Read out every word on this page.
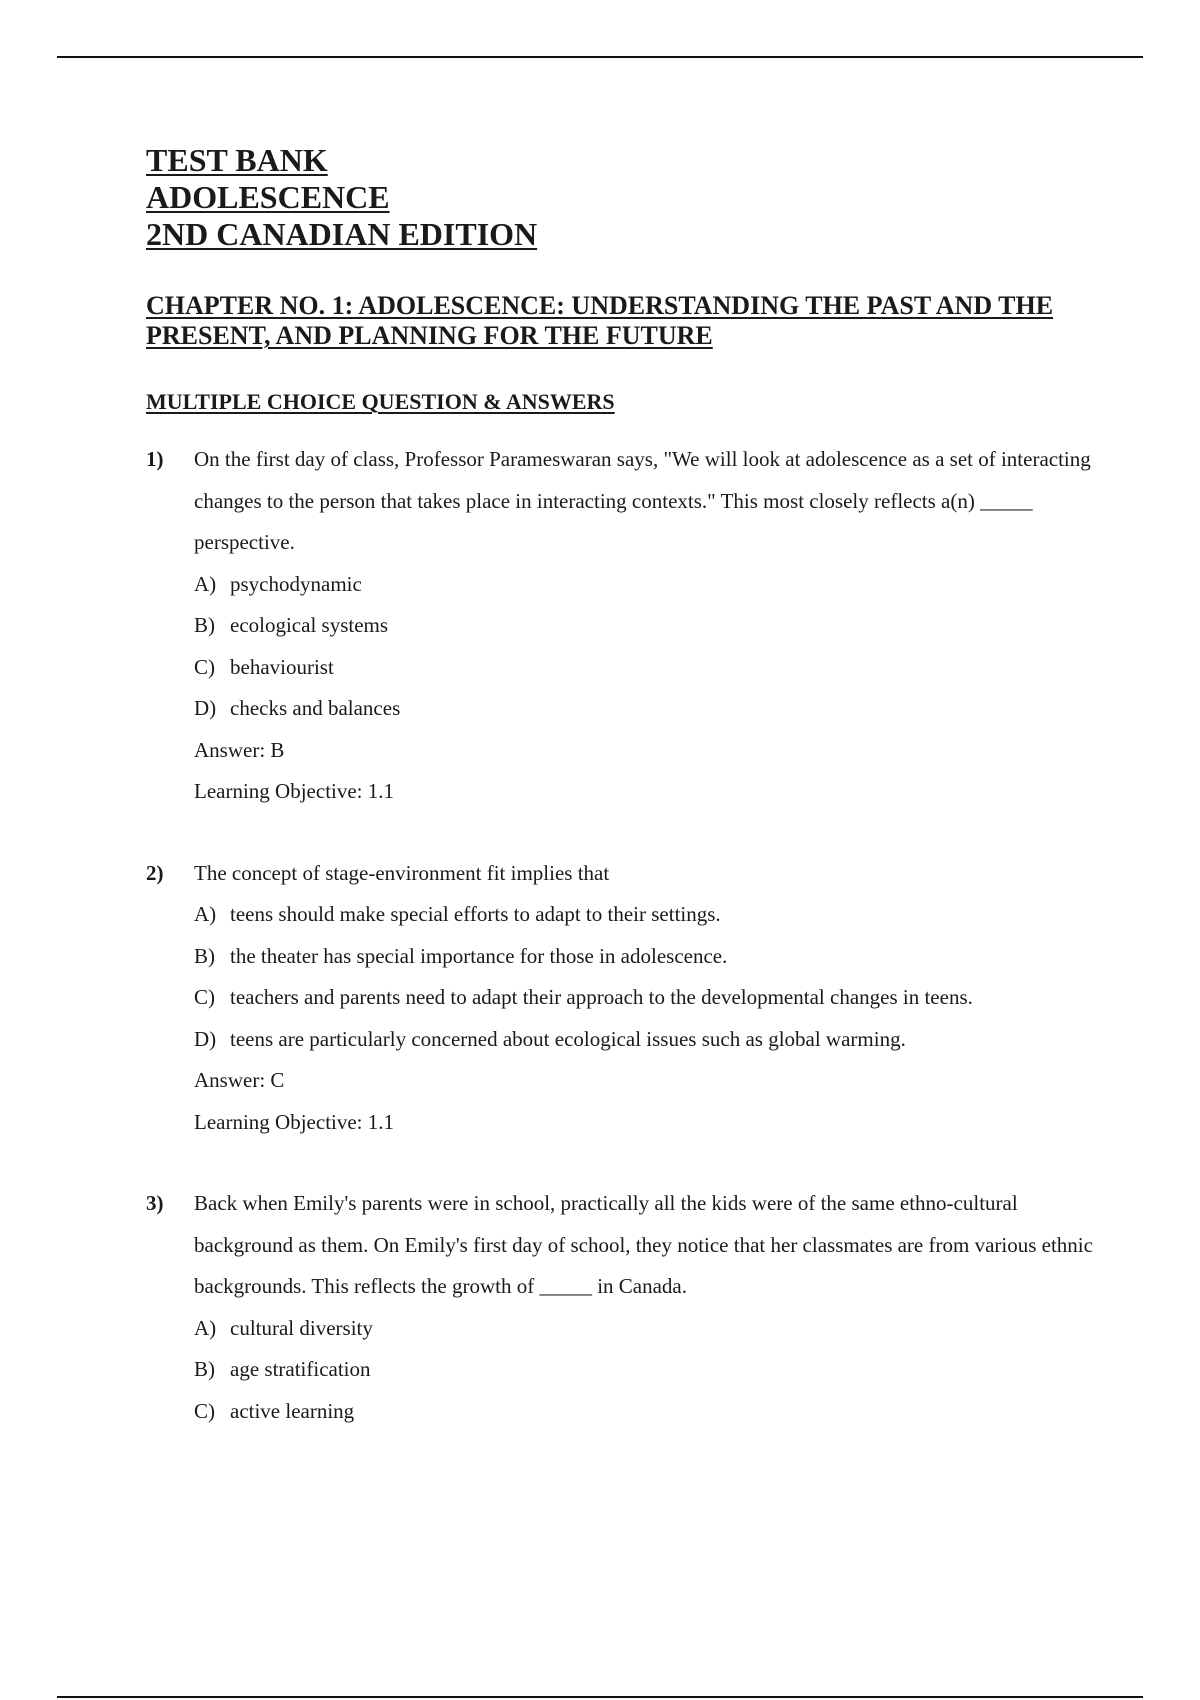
TEST BANK
ADOLESCENCE
2ND CANADIAN EDITION
CHAPTER NO. 1: ADOLESCENCE: UNDERSTANDING THE PAST AND THE
PRESENT, AND PLANNING FOR THE FUTURE
MULTIPLE CHOICE QUESTION & ANSWERS
1) On the first day of class, Professor Parameswaran says, "We will look at adolescence as a set of interacting changes to the person that takes place in interacting contexts." This most closely reflects a(n) _____ perspective.
A) psychodynamic
B) ecological systems
C) behaviourist
D) checks and balances
Answer: B
Learning Objective: 1.1
2) The concept of stage-environment fit implies that
A) teens should make special efforts to adapt to their settings.
B) the theater has special importance for those in adolescence.
C) teachers and parents need to adapt their approach to the developmental changes in teens.
D) teens are particularly concerned about ecological issues such as global warming.
Answer: C
Learning Objective: 1.1
3) Back when Emily's parents were in school, practically all the kids were of the same ethno-cultural background as them. On Emily's first day of school, they notice that her classmates are from various ethnic backgrounds. This reflects the growth of _____ in Canada.
A) cultural diversity
B) age stratification
C) active learning
